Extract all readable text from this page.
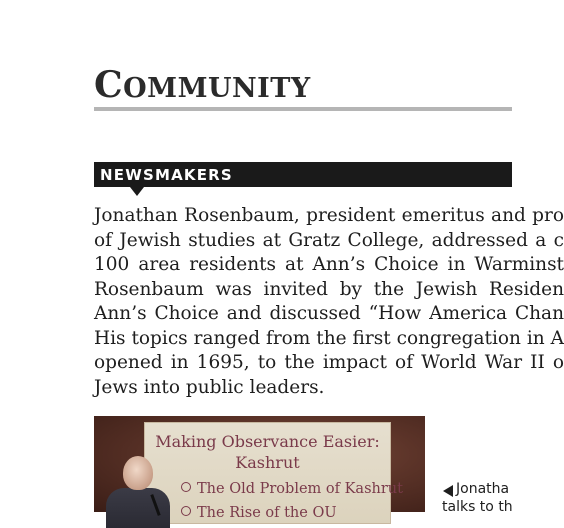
COMMUNITY
NEWSMAKERS
Jonathan Rosenbaum, president emeritus and pro
of Jewish studies at Gratz College, addressed a c
100 area residents at Ann’s Choice in Warminst
Rosenbaum was invited by the Jewish Residen
Ann’s Choice and discussed “How America Chan
His topics ranged from the first congregation in A
opened in 1695, to the impact of World War II o
Jews into public leaders.
Making Observance Easier:
Kashrut
The Old Problem of Kashrut
The Rise of the OU
Jonatha
talks to th
